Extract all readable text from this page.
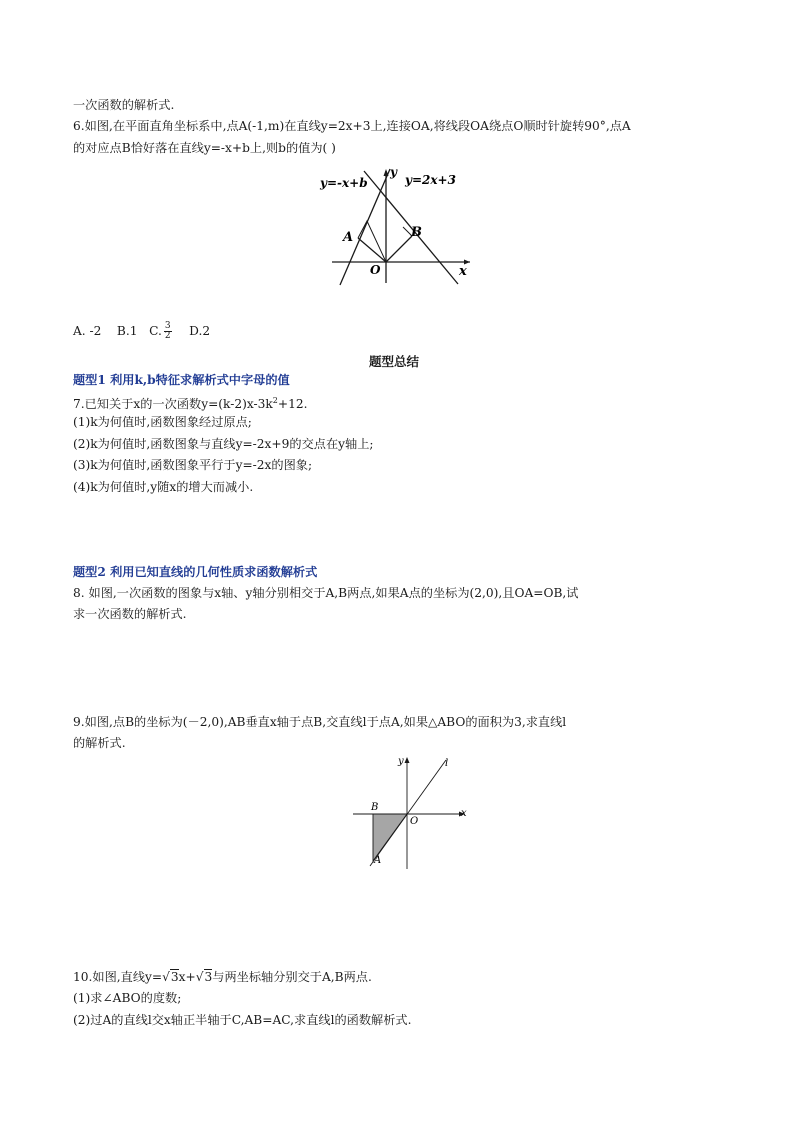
一次函数的解析式.
6.如图,在平面直角坐标系中,点A(-1,m)在直线y=2x+3上,连接OA,将线段OA绕点O顺时针旋转90°,点A
的对应点B恰好落在直线y=-x+b上,则b的值为( )
y=-x+b	y=2x+3
y
x
A	B
O
A. -2 B.1 C. $\frac{3}{2} D.2$
题型总结
题型1 利用k,b特征求解析式中字母的值
7.已知关于x的一次函数$y=(k-2)x-3k^2+12$.
(1)k为何值时,函数图象经过原点;
(2)k为何值时,函数图象与直线y=-2x+9的交点在y轴上;
(3)k为何值时,函数图象平行于y=-2x的图象;
(4)k为何值时,y随x的增大而减小.
题型2 利用已知直线的几何性质求函数解析式
8. 如图,一次函数的图象与x轴、y轴分别相交于A,B两点,如果A点的坐标为(2,0),且OA=OB,试
求一次函数的解析式.
9.如图,点B的坐标为(－2,0),AB垂直x轴于点B,交直线l于点A,如果△ABO的面积为3,求直线l
的解析式.
y	l
x
B
O
A
10.如图,直线y=√3x+√3与两坐标轴分别交于A,B两点.
(1)求∠ABO的度数;
(2)过A的直线l交x轴正半轴于C,AB=AC,求直线l的函数解析式.
